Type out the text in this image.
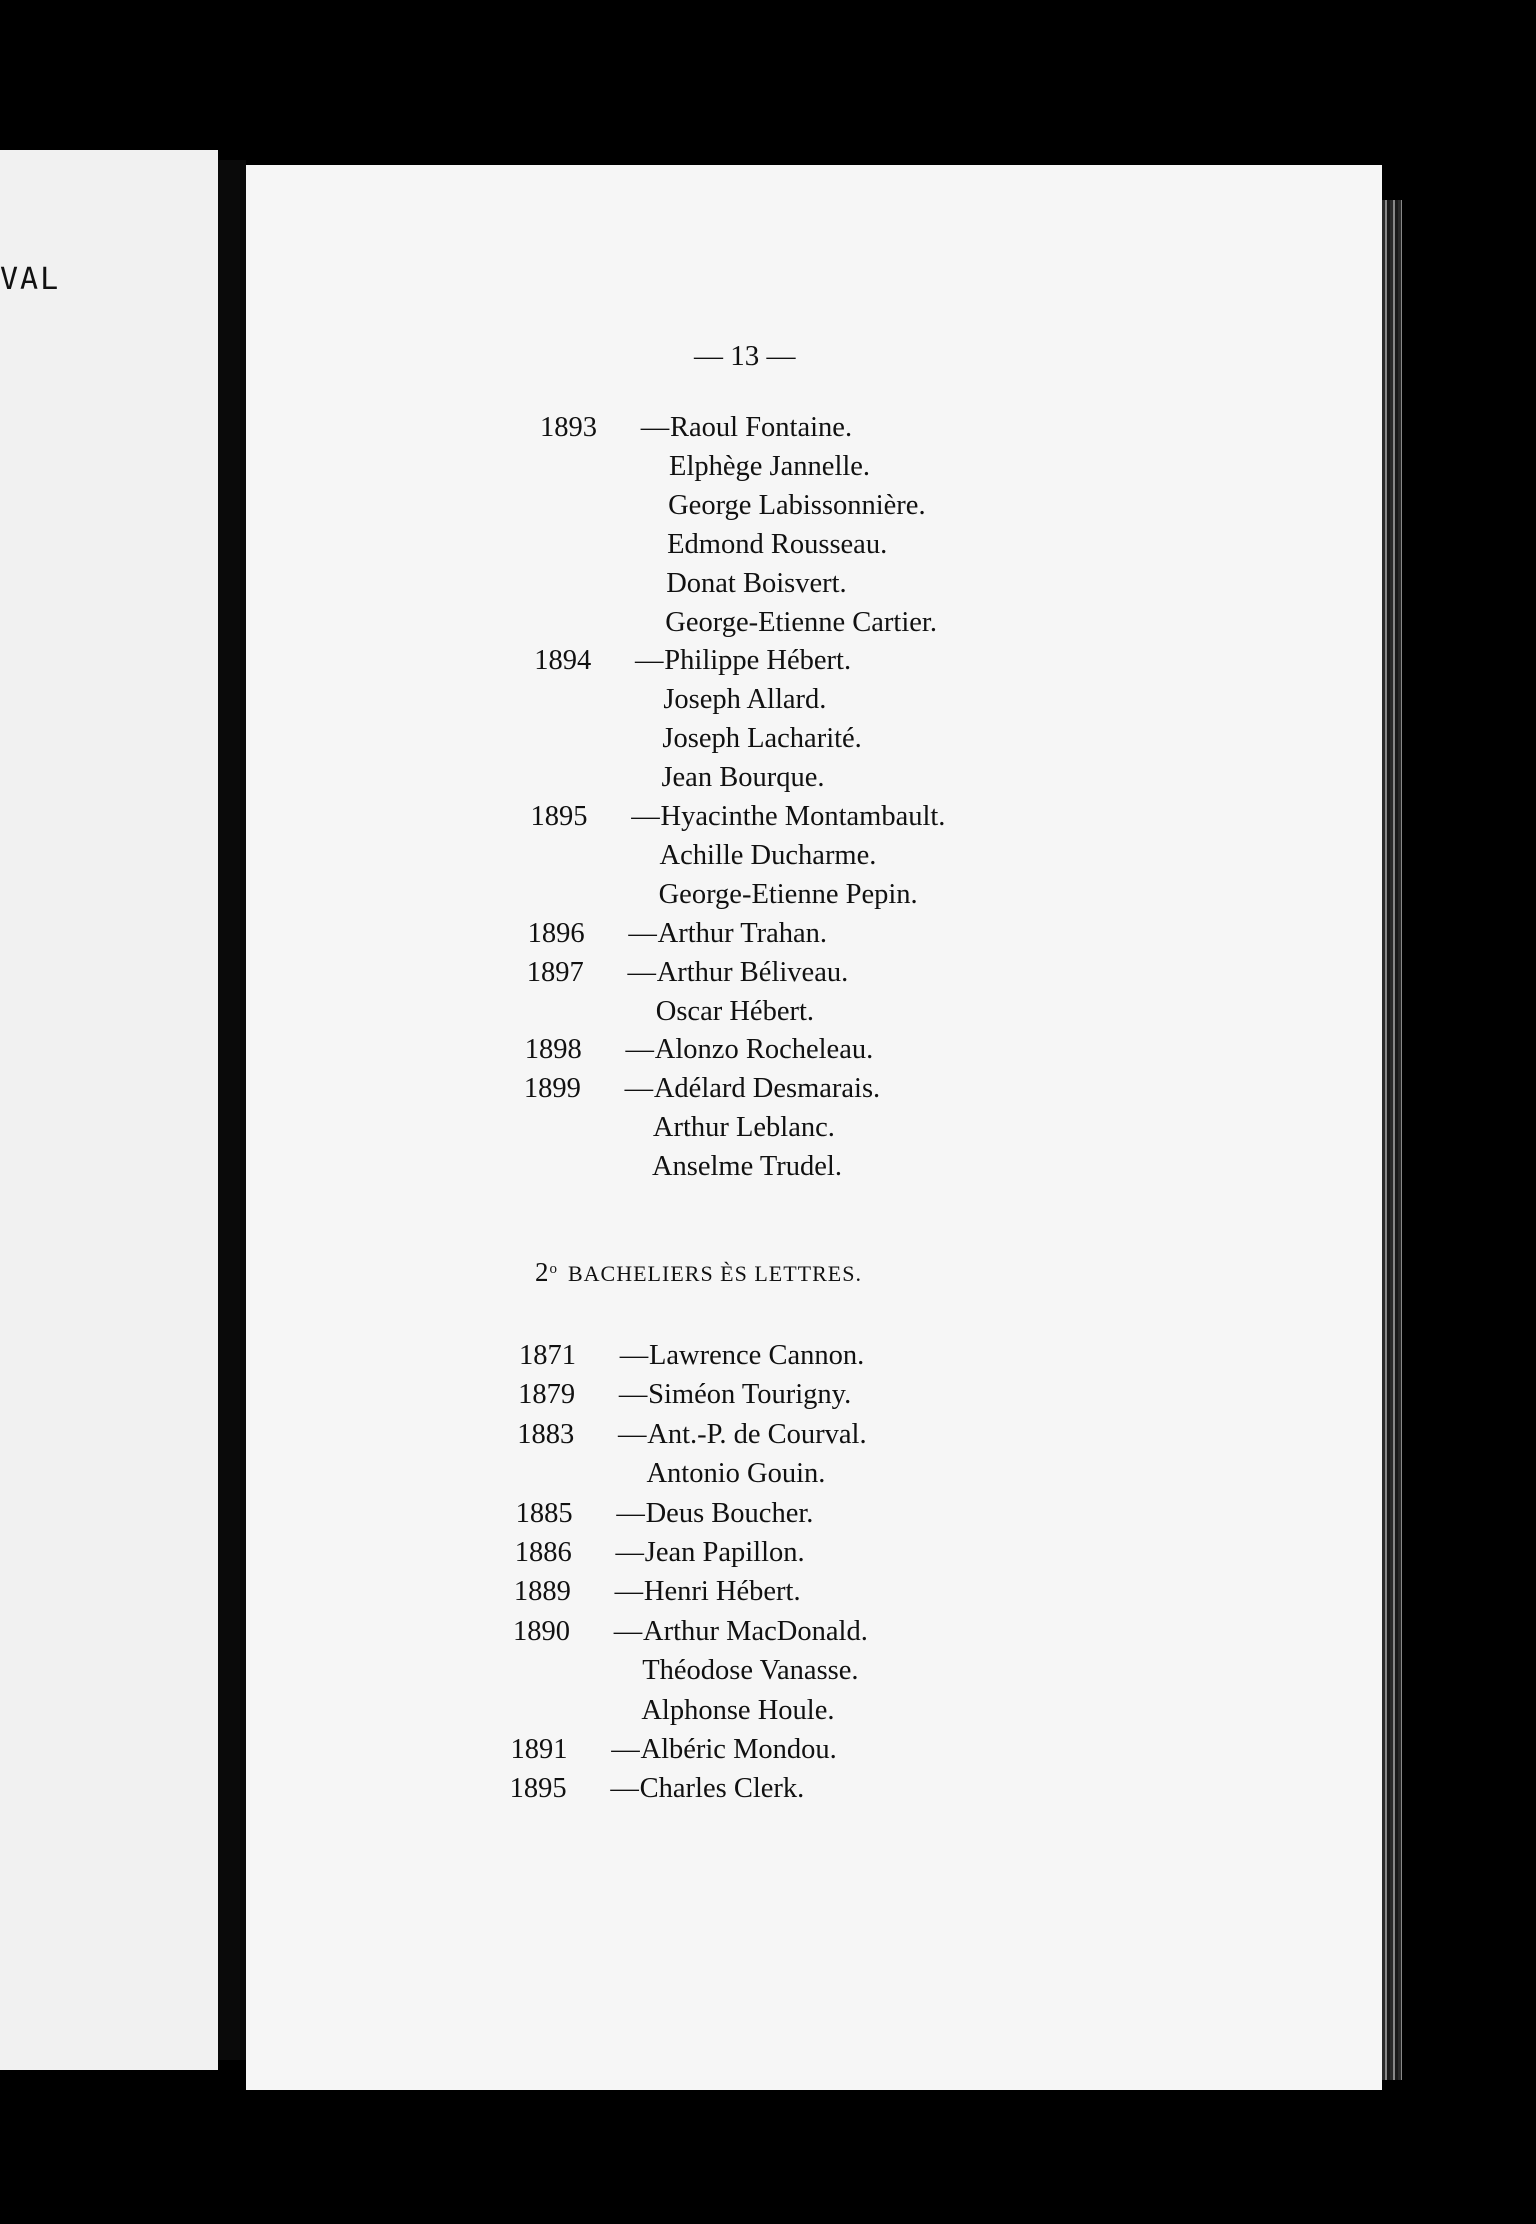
VAL
— 13 —
2$^o$ BACHELIERS ÈS LETTRES.
1893 —Raoul Fontaine.
Elphège Jannelle.
George Labissonnière.
Edmond Rousseau.
Donat Boisvert.
George-Etienne Cartier.
1894 —Philippe Hébert.
Joseph Allard.
Joseph Lacharité.
Jean Bourque.
1895 —Hyacinthe Montambault.
Achille Ducharme.
George-Etienne Pepin.
1896 —Arthur Trahan.
1897 —Arthur Béliveau.
Oscar Hébert.
1898 —Alonzo Rocheleau.
1899 —Adélard Desmarais.
Arthur Leblanc.
Anselme Trudel.
1871 —Lawrence Cannon.
1879 —Siméon Tourigny.
1883 —Ant.-P. de Courval.
Antonio Gouin.
1885 —Deus Boucher.
1886 —Jean Papillon.
1889 —Henri Hébert.
1890 —Arthur MacDonald.
Théodose Vanasse.
Alphonse Houle.
1891 —Albéric Mondou.
1895 —Charles Clerk.
